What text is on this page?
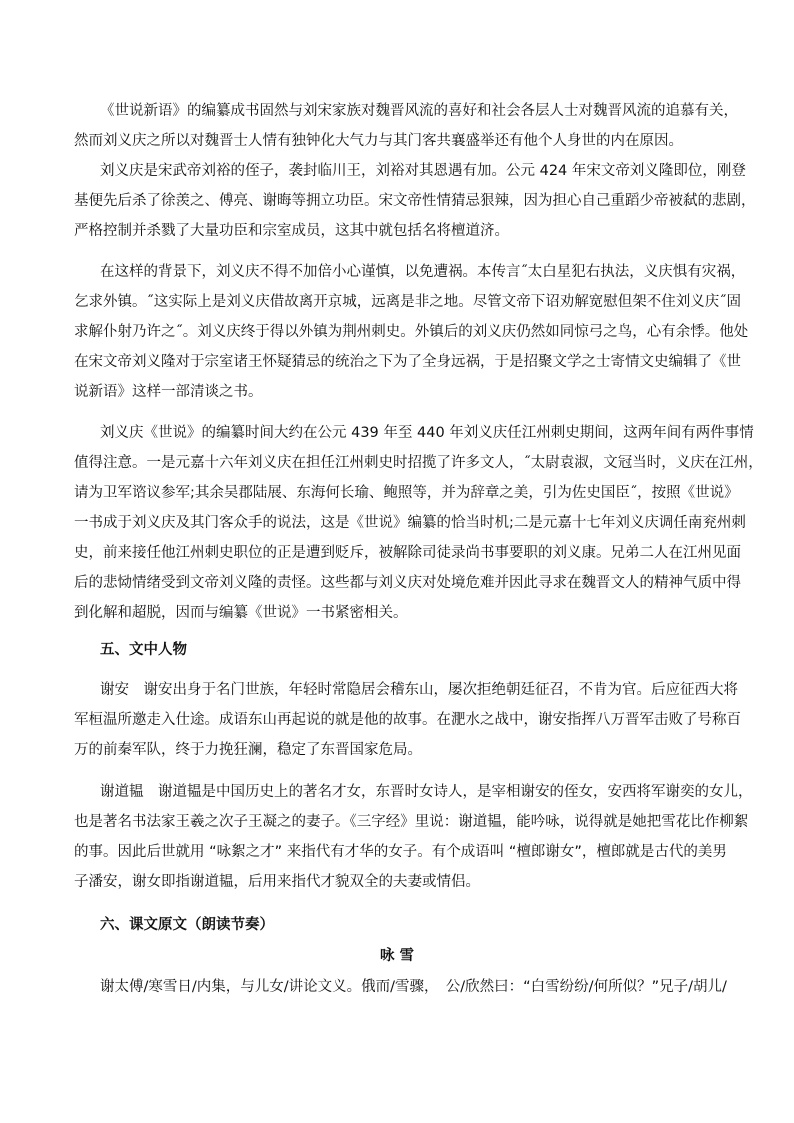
《世说新语》的编纂成书固然与刘宋家族对魏晋风流的喜好和社会各层人士对魏晋风流的追慕有关，
然而刘义庆之所以对魏晋士人情有独钟化大气力与其门客共襄盛举还有他个人身世的内在原因。
刘义庆是宋武帝刘裕的侄子，袭封临川王，刘裕对其恩遇有加。公元 424 年宋文帝刘义隆即位，刚登
基便先后杀了徐羡之、傅亮、谢晦等拥立功臣。宋文帝性情猜忌狠辣，因为担心自己重蹈少帝被弑的悲剧，
严格控制并杀戮了大量功臣和宗室成员，这其中就包括名将檀道济。
在这样的背景下，刘义庆不得不加倍小心谨慎，以免遭祸。本传言˝太白星犯右执法，义庆惧有灾祸，
乞求外镇。˝这实际上是刘义庆借故离开京城，远离是非之地。尽管文帝下诏劝解宽慰但架不住刘义庆˝固
求解仆射乃许之˝。刘义庆终于得以外镇为荆州刺史。外镇后的刘义庆仍然如同惊弓之鸟，心有余悸。他处
在宋文帝刘义隆对于宗室诸王怀疑猜忌的统治之下为了全身远祸，于是招聚文学之士寄情文史编辑了《世
说新语》这样一部清谈之书。
刘义庆《世说》的编纂时间大约在公元 439 年至 440 年刘义庆任江州刺史期间，这两年间有两件事情
值得注意。一是元嘉十六年刘义庆在担任江州刺史时招揽了许多文人，˝太尉袁淑，文冠当时，义庆在江州，
请为卫军谘议参军;其余吴郡陆展、东海何长瑜、鲍照等，并为辞章之美，引为佐史国臣˝，按照《世说》
一书成于刘义庆及其门客众手的说法，这是《世说》编纂的恰当时机;二是元嘉十七年刘义庆调任南兖州刺
史，前来接任他江州刺史职位的正是遭到贬斥，被解除司徒录尚书事要职的刘义康。兄弟二人在江州见面
后的悲恸情绪受到文帝刘义隆的责怪。这些都与刘义庆对处境危难并因此寻求在魏晋文人的精神气质中得
到化解和超脱，因而与编纂《世说》一书紧密相关。
五、文中人物
谢安　谢安出身于名门世族，年轻时常隐居会稽东山，屡次拒绝朝廷征召，不肯为官。后应征西大将
军桓温所邀走入仕途。成语东山再起说的就是他的故事。在淝水之战中，谢安指挥八万晋军击败了号称百
万的前秦军队，终于力挽狂澜，稳定了东晋国家危局。
谢道韫　谢道韫是中国历史上的著名才女，东晋时女诗人，是宰相谢安的侄女，安西将军谢奕的女儿，
也是著名书法家王羲之次子王凝之的妻子。《三字经》里说：谢道韫，能吟咏，说得就是她把雪花比作柳絮
的事。因此后世就用 “咏絮之才” 来指代有才华的女子。有个成语叫 “檀郎谢女”，檀郎就是古代的美男
子潘安，谢女即指谢道韫，后用来指代才貌双全的夫妻或情侣。
六、课文原文（朗读节奏）
咏 雪
谢太傅/寒雪日/内集，与儿女/讲论文义。俄而/雪骤，　公/欣然曰：“白雪纷纷/何所似？”兄子/胡儿/
